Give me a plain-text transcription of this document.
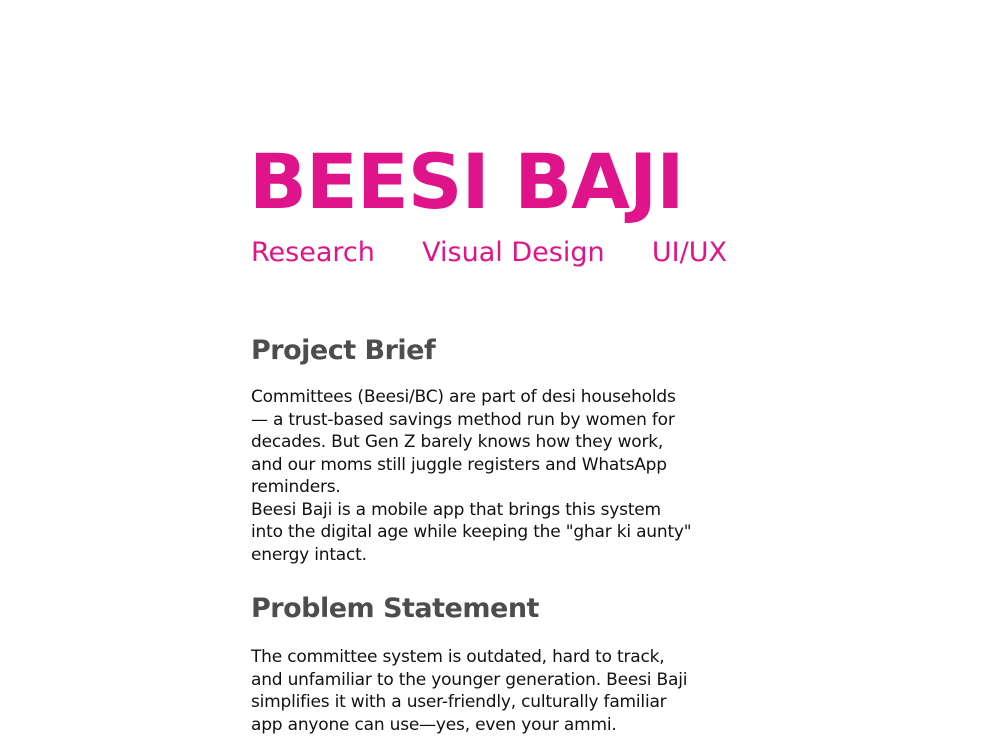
BEESI BAJI
Research Visual Design UI/UX
Project Brief

Committees (Beesi/BC) are part of desi households
— a trust-based savings method run by women for
decades. But Gen Z barely knows how they work,
and our moms still juggle registers and WhatsApp
reminders.
Beesi Baji is a mobile app that brings this system
into the digital age while keeping the "ghar ki aunty"
energy intact.

Problem Statement

The committee system is outdated, hard to track,
and unfamiliar to the younger generation. Beesi Baji
simplifies it with a user-friendly, culturally familiar
app anyone can use—yes, even your ammi.
